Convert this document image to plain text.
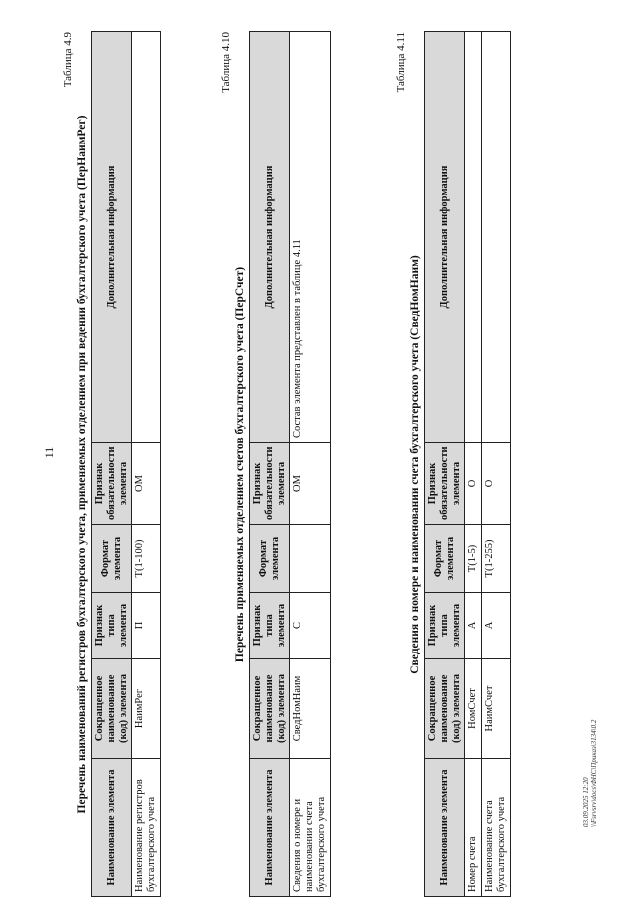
11
Таблица 4.9
Перечень наименований регистров бухгалтерского учета, применяемых отделением при ведении бухгалтерского учета (ПерНаимРег)
Наименование элемента	Сокращенное наименование (код) элемента	Признак типа элемента	Формат элемента	Признак обязательности элемента	Дополнительная информация
Наименование регистров бухгалтерского учета	НаимРег	П	T(1-100)	ОМ	
Таблица 4.10
Перечень применяемых отделением счетов бухгалтерского учета (ПерСчет)
Наименование элемента	Сокращенное наименование (код) элемента	Признак типа элемента	Формат элемента	Признак обязательности элемента	Дополнительная информация
Сведения о номере и наименовании счета бухгалтерского учета	СведНомНаим	С		ОМ	Состав элемента представлен в таблице 4.11
Таблица 4.11
Сведения о номере и наименовании счета бухгалтерского учета (СведНомНаим)
Наименование элемента	Сокращенное наименование (код) элемента	Признак типа элемента	Формат элемента	Признак обязательности элемента	Дополнительная информация
Номер счета	НомСчет	А	T(1-5)	О	
Наименование счета бухгалтерского учета	НаимСчет	А	T(1-255)	О	
03.09.2025 12:20 \\Fsrvsrv\docs\ФНС\Приказ\3134\0.2
